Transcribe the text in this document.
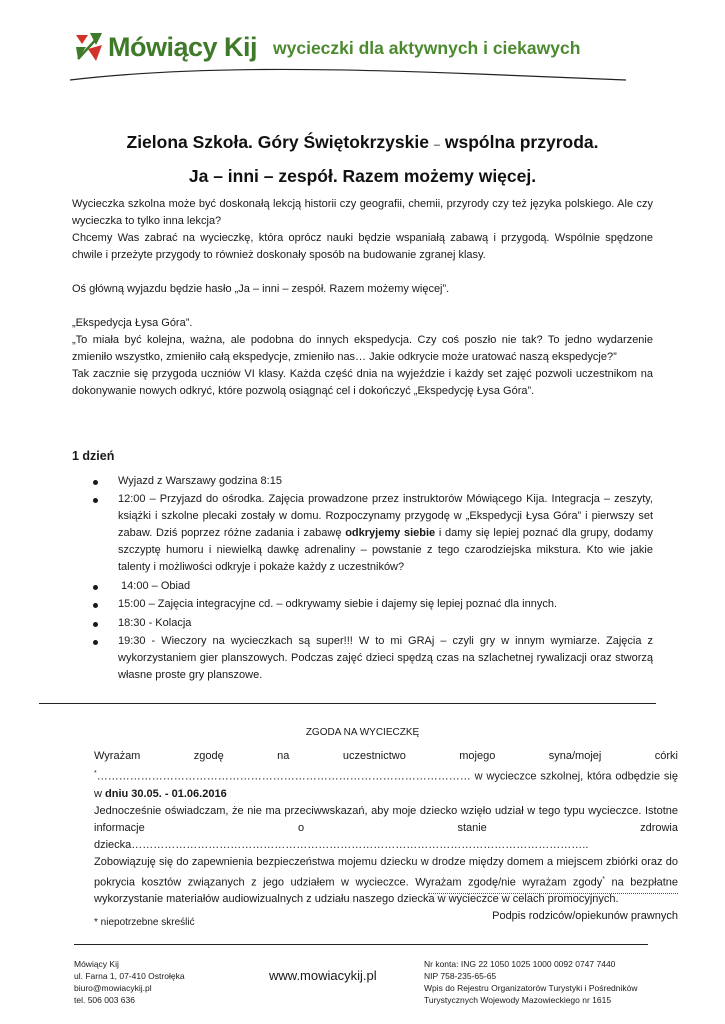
Mówiący Kij wycieczki dla aktywnych i ciekawych
Zielona Szkoła. Góry Świętokrzyskie – wspólna przyroda.
Ja – inni – zespół. Razem możemy więcej.

Wycieczka szkolna może być doskonałą lekcją historii czy geografii, chemii, przyrody czy też języka polskiego. Ale czy wycieczka to tylko inna lekcja?

Chcemy Was zabrać na wycieczkę, która oprócz nauki będzie wspaniałą zabawą i przygodą. Wspólnie spędzone chwile i przeżyte przygody to również doskonały sposób na budowanie zgranej klasy.

Oś główną wyjazdu będzie hasło „Ja – inni – zespół. Razem możemy więcej”.

„Ekspedycja Łysa Góra”.

„To miała być kolejna, ważna, ale podobna do innych ekspedycja. Czy coś poszło nie tak? To jedno wydarzenie zmieniło wszystko, zmieniło całą ekspedycje, zmieniło nas… Jakie odkrycie może uratować naszą ekspedycje?”

Tak zacznie się przygoda uczniów VI klasy. Każda część dnia na wyjeździe i każdy set zajęć pozwoli uczestnikom na dokonywanie nowych odkryć, które pozwolą osiągnąć cel i dokończyć „Ekspedycję Łysa Góra”.

1 dzień
Wyjazd z Warszawy godzina 8:15
12:00 – Przyjazd do ośrodka. Zajęcia prowadzone przez instruktorów Mówiącego Kija. Integracja – zeszyty, książki i szkolne plecaki zostały w domu. Rozpoczynamy przygodę w „Ekspedycji Łysa Góra” i pierwszy set zabaw. Dziś poprzez różne zadania i zabawę odkryjemy siebie i damy się lepiej poznać dla grupy, dodamy szczyptę humoru i niewielką dawkę adrenaliny – powstanie z tego czarodziejska mikstura. Kto wie jakie talenty i możliwości odkryje i pokaże każdy z uczestników?
14:00 – Obiad
15:00 – Zajęcia integracyjne cd. – odkrywamy siebie i dajemy się lepiej poznać dla innych.
18:30 - Kolacja
19:30 - Wieczory na wycieczkach są super!!! W to mi GRAj – czyli gry w innym wymiarze. Zajęcia z wykorzystaniem gier planszowych. Podczas zajęć dzieci spędzą czas na szlachetnej rywalizacji oraz stworzą własne proste gry planszowe.
ZGODA NA WYCIECZKĘ

Wyrażam zgodę na uczestnictwo mojego syna/mojej córki *………………………………………………………………………………………… w wycieczce szkolnej, która odbędzie się w dniu 30.05. - 01.06.2016

Jednocześnie oświadczam, że nie ma przeciwwskazań, aby moje dziecko wzięło udział w tego typu wycieczce. Istotne informacje o stanie zdrowia dziecka……………………………………………………………………………………………………………..

Zobowiązuję się do zapewnienia bezpieczeństwa mojemu dziecku w drodze między domem a miejscem zbiórki oraz do pokrycia kosztów związanych z jego udziałem w wycieczce. Wyrażam zgodę/nie wyrażam zgody* na bezpłatne wykorzystanie materiałów audiowizualnych z udziału naszego dziecka w wycieczce w celach promocyjnych.

Podpis rodziców/opiekunów prawnych

* niepotrzebne skreślić
Mówiący Kij
ul. Farna 1, 07-410 Ostrołęka
biuro@mowiacykij.pl
tel. 506 003 636
www.mowiacykij.pl
Nr konta: ING 22 1050 1025 1000 0092 0747 7440
NIP 758-235-65-65
Wpis do Rejestru Organizatorów Turystyki i Pośredników
Turystycznych Wojewody Mazowieckiego nr 1615
